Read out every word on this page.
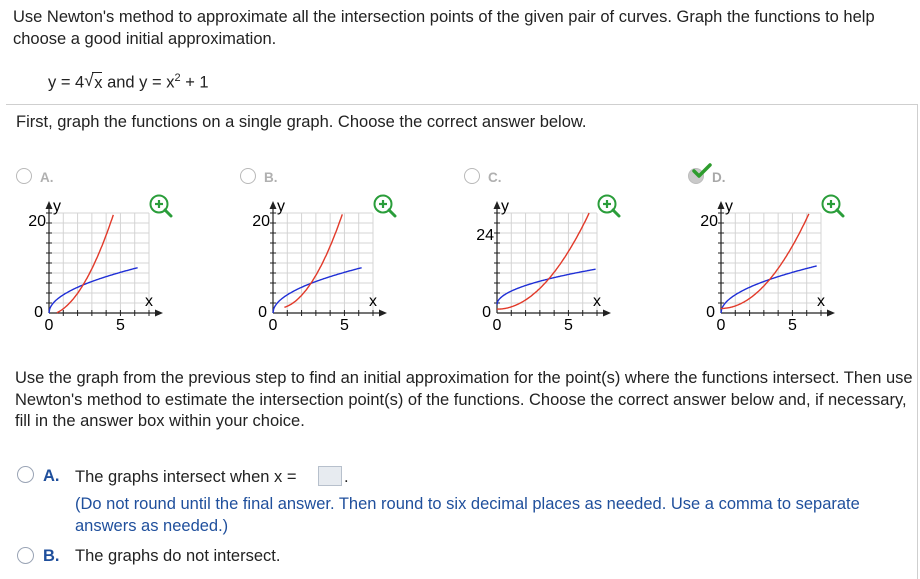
Use Newton's method to approximate all the intersection points of the given pair of curves. Graph the functions to help choose a good initial approximation.
y = 4 √ x and $y = x^2 + 1$
First, graph the functions on a single graph. Choose the correct answer below.
A.
y
20
0
0	5
x
B.
y
20
0
0	5
x
C.
y
24
0
0	5
x
D.
y
20
0
0	5
x
Use the graph from the previous step to find an initial approximation for the point(s) where the functions intersect. Then use Newton's method to estimate the intersection point(s) of the functions. Choose the correct answer below and, if necessary, fill in the answer box within your choice.
A. The graphs intersect when x =	.
(Do not round until the final answer. Then round to six decimal places as needed. Use a comma to separate answers as needed.)
B. The graphs do not intersect.
